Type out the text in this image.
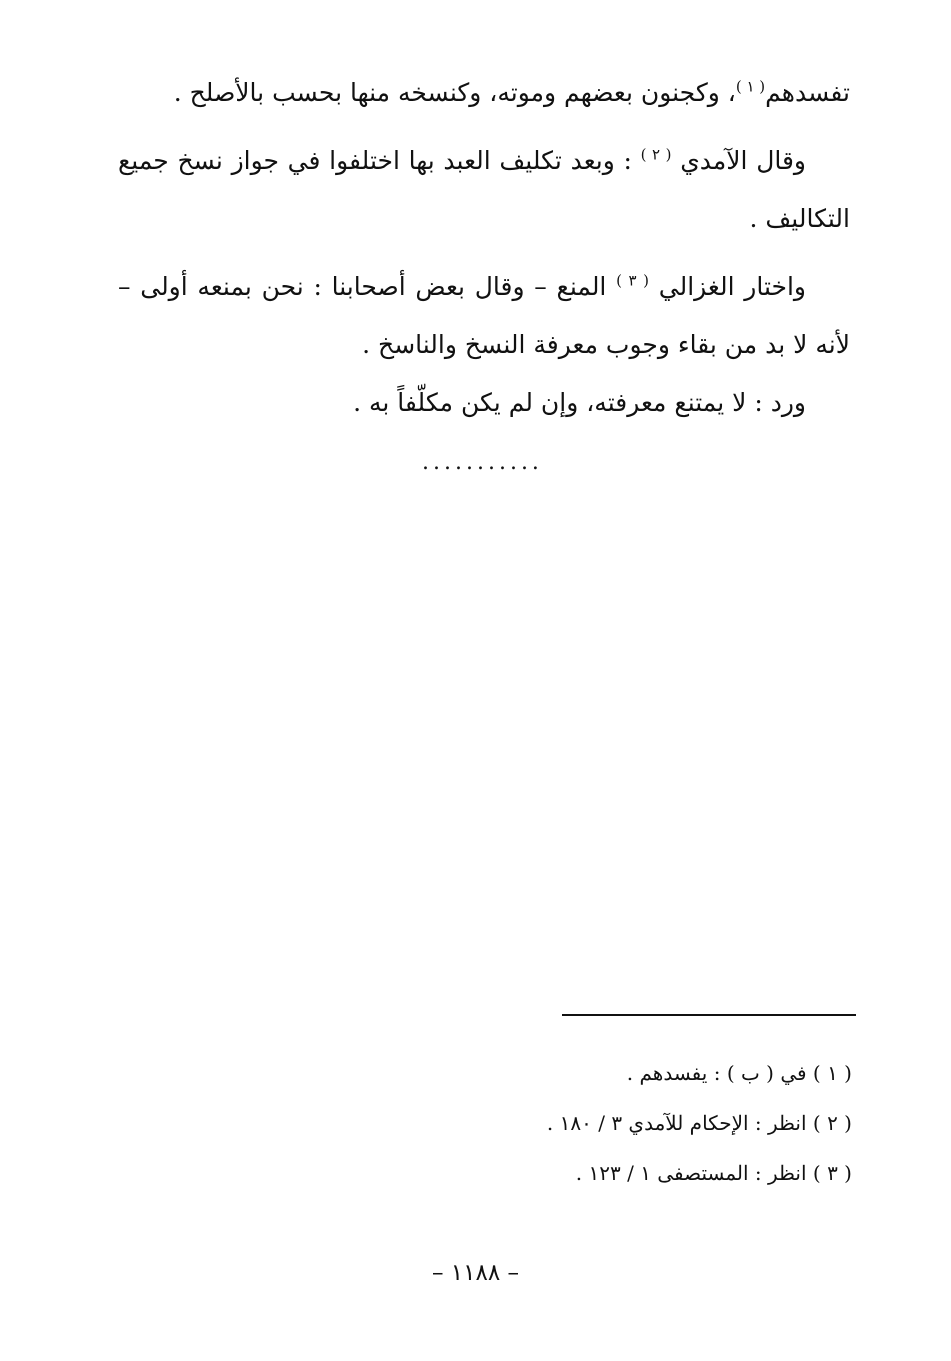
تفسدهم$^{( ١ )}$، وكجنون بعضهم وموته، وكنسخه منها بحسب بالأصلح .

وقال الآمدي $^{( ٢ )}$ : وبعد تكليف العبد بها اختلفوا في جواز نسخ جميع التكاليف .

واختار الغزالي $^{( ٣ )}$ المنع – وقال بعض أصحابنا : نحن بمنعه أولى – لأنه لا بد من بقاء وجوب معرفة النسخ والناسخ .

ورد : لا يمتنع معرفته، وإن لم يكن مكلّفاً به .

...........

( ١ ) في ( ب ) : يفسدهم .

( ٢ ) انظر : الإحكام للآمدي ٣ / ١٨٠ .

( ٣ ) انظر : المستصفى ١ / ١٢٣ .

– ١١٨٨ –
